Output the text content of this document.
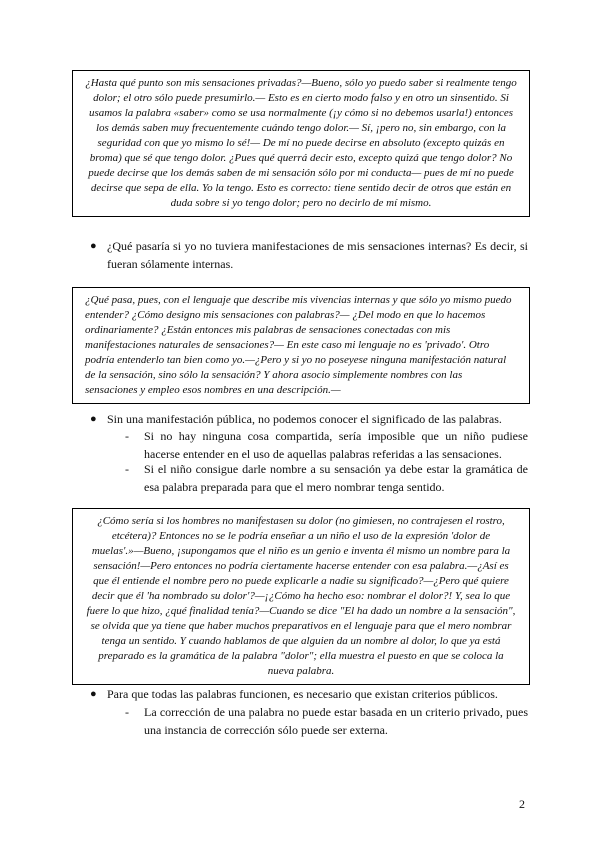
¿Hasta qué punto son mis sensaciones privadas?—Bueno, sólo yo puedo saber si realmente tengo dolor; el otro sólo puede presumirlo.— Esto es en cierto modo falso y en otro un sinsentido. Si usamos la palabra «saber» como se usa normalmente (¡y cómo si no debemos usarla!) entonces los demás saben muy frecuentemente cuándo tengo dolor.— Sí, ¡pero no, sin embargo, con la seguridad con que yo mismo lo sé!— De mí no puede decirse en absoluto (excepto quizás en broma) que sé que tengo dolor. ¿Pues qué querrá decir esto, excepto quizá que tengo dolor? No puede decirse que los demás saben de mi sensación sólo por mi conducta— pues de mí no puede decirse que sepa de ella. Yo la tengo. Esto es correcto: tiene sentido decir de otros que están en duda sobre si yo tengo dolor; pero no decirlo de mí mismo.
● ¿Qué pasaría si yo no tuviera manifestaciones de mis sensaciones internas? Es decir, si fueran sólamente internas.
¿Qué pasa, pues, con el lenguaje que describe mis vivencias internas y que sólo yo mismo puedo entender? ¿Cómo designo mis sensaciones con palabras?— ¿Del modo en que lo hacemos ordinariamente? ¿Están entonces mis palabras de sensaciones conectadas con mis manifestaciones naturales de sensaciones?— En este caso mi lenguaje no es 'privado'. Otro podría entenderlo tan bien como yo.—¿Pero y si yo no poseyese ninguna manifestación natural de la sensación, sino sólo la sensación? Y ahora asocio simplemente nombres con las sensaciones y empleo esos nombres en una descripción.—
● Sin una manifestación pública, no podemos conocer el significado de las palabras.
- Si no hay ninguna cosa compartida, sería imposible que un niño pudiese hacerse entender en el uso de aquellas palabras referidas a las sensaciones.
- Si el niño consigue darle nombre a su sensación ya debe estar la gramática de esa palabra preparada para que el mero nombrar tenga sentido.
¿Cómo sería si los hombres no manifestasen su dolor (no gimiesen, no contrajesen el rostro, etcétera)? Entonces no se le podría enseñar a un niño el uso de la expresión 'dolor de muelas'.»—Bueno, ¡supongamos que el niño es un genio e inventa él mismo un nombre para la sensación!—Pero entonces no podría ciertamente hacerse entender con esa palabra.—¿Así es que él entiende el nombre pero no puede explicarle a nadie su significado?—¿Pero qué quiere decir que él 'ha nombrado su dolor'?—¡¿Cómo ha hecho eso: nombrar el dolor?! Y, sea lo que fuere lo que hizo, ¿qué finalidad tenía?—Cuando se dice "El ha dado un nombre a la sensación", se olvida que ya tiene que haber muchos preparativos en el lenguaje para que el mero nombrar tenga un sentido. Y cuando hablamos de que alguien da un nombre al dolor, lo que ya está preparado es la gramática de la palabra "dolor"; ella muestra el puesto en que se coloca la nueva palabra.
● Para que todas las palabras funcionen, es necesario que existan criterios públicos.
- La corrección de una palabra no puede estar basada en un criterio privado, pues una instancia de corrección sólo puede ser externa.
2
